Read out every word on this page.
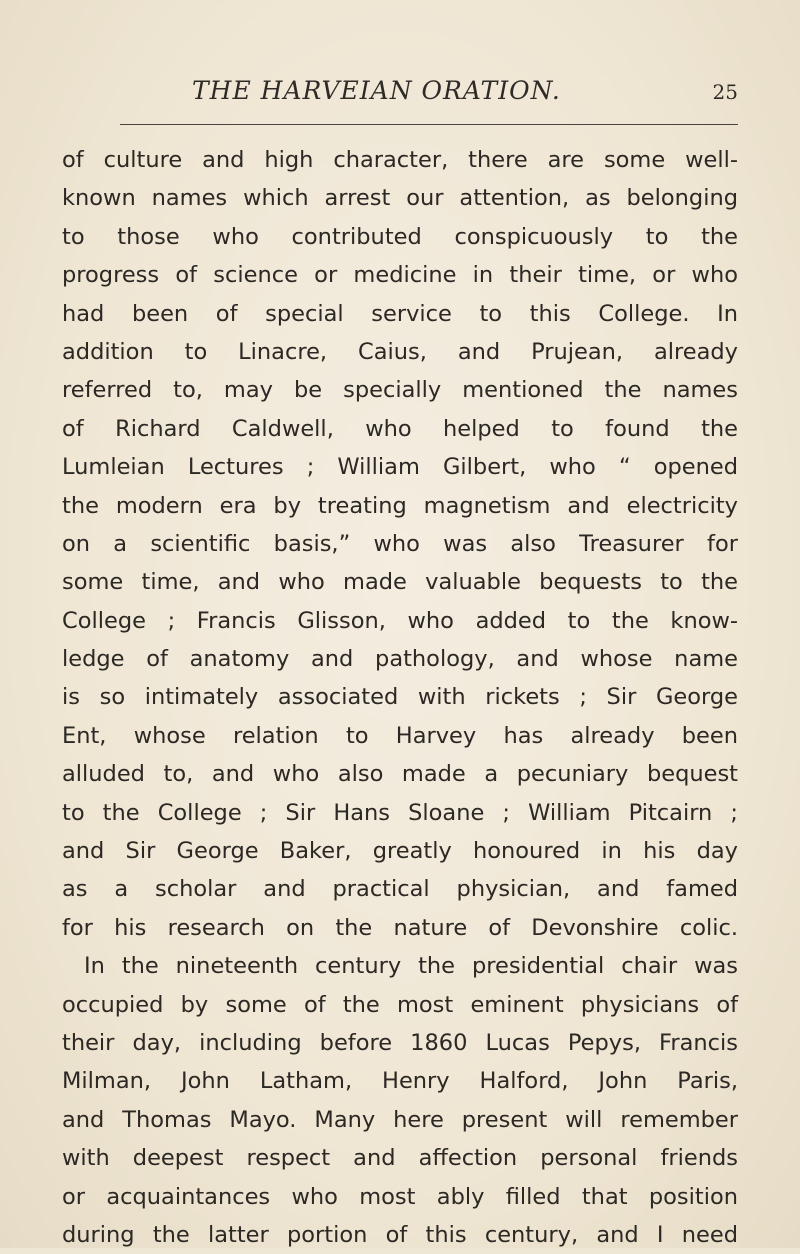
THE HARVEIAN ORATION.	25
of culture and high character, there are some well-
known names which arrest our attention, as belonging
to those who contributed conspicuously to the
progress of science or medicine in their time, or who
had been of special service to this College. In
addition to Linacre, Caius, and Prujean, already
referred to, may be specially mentioned the names
of Richard Caldwell, who helped to found the
Lumleian Lectures ; William Gilbert, who “ opened
the modern era by treating magnetism and electricity
on a scientific basis,” who was also Treasurer for
some time, and who made valuable bequests to the
College ; Francis Glisson, who added to the know-
ledge of anatomy and pathology, and whose name
is so intimately associated with rickets ; Sir George
Ent, whose relation to Harvey has already been
alluded to, and who also made a pecuniary bequest
to the College ; Sir Hans Sloane ; William Pitcairn ;
and Sir George Baker, greatly honoured in his day
as a scholar and practical physician, and famed
for his research on the nature of Devonshire colic.
In the nineteenth century the presidential chair was
occupied by some of the most eminent physicians of
their day, including before 1860 Lucas Pepys, Francis
Milman, John Latham, Henry Halford, John Paris,
and Thomas Mayo. Many here present will remember
with deepest respect and affection personal friends
or acquaintances who most ably filled that position
during the latter portion of this century, and I need
